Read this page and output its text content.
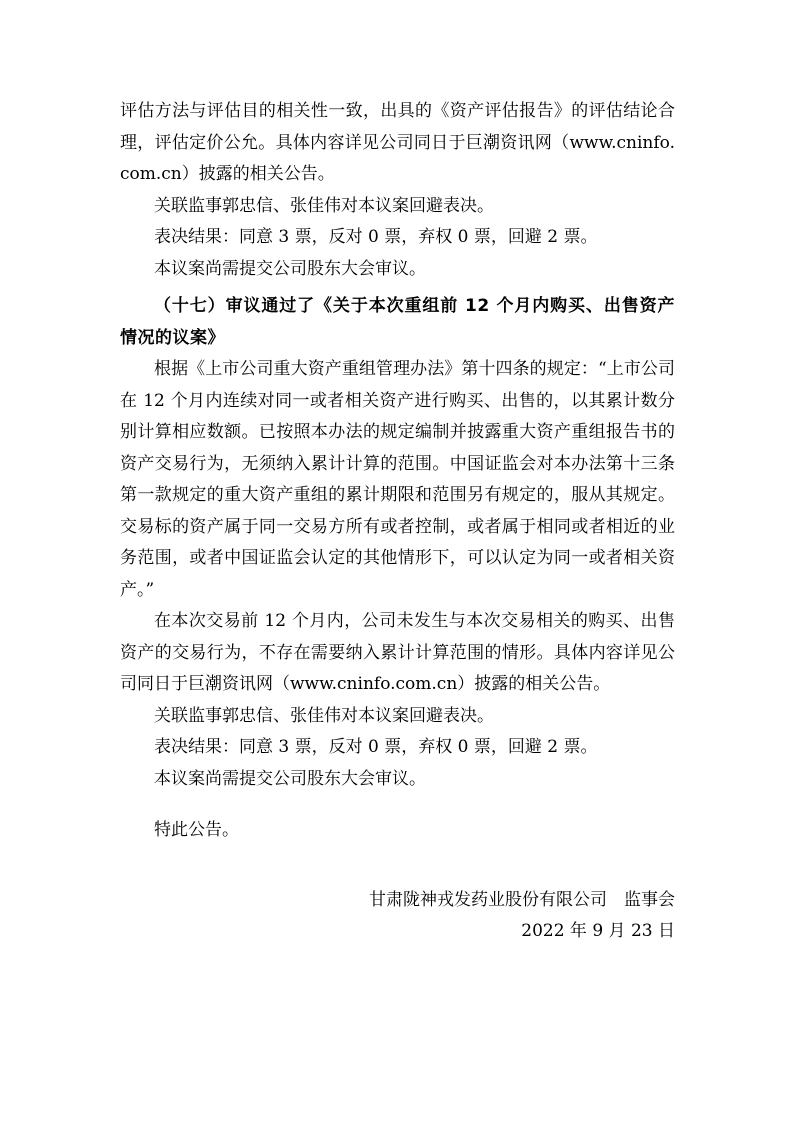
评估方法与评估目的相关性一致，出具的《资产评估报告》的评估结论合理，评估定价公允。具体内容详见公司同日于巨潮资讯网（www.cninfo.com.cn）披露的相关公告。

关联监事郭忠信、张佳伟对本议案回避表决。

表决结果：同意 3 票，反对 0 票，弃权 0 票，回避 2 票。

本议案尚需提交公司股东大会审议。

（十七）审议通过了《关于本次重组前 12 个月内购买、出售资产情况的议案》

根据《上市公司重大资产重组管理办法》第十四条的规定：“上市公司在 12 个月内连续对同一或者相关资产进行购买、出售的，以其累计数分别计算相应数额。已按照本办法的规定编制并披露重大资产重组报告书的资产交易行为，无须纳入累计计算的范围。中国证监会对本办法第十三条第一款规定的重大资产重组的累计期限和范围另有规定的，服从其规定。交易标的资产属于同一交易方所有或者控制，或者属于相同或者相近的业务范围，或者中国证监会认定的其他情形下，可以认定为同一或者相关资产。”

在本次交易前 12 个月内，公司未发生与本次交易相关的购买、出售资产的交易行为，不存在需要纳入累计计算范围的情形。具体内容详见公司同日于巨潮资讯网（www.cninfo.com.cn）披露的相关公告。

关联监事郭忠信、张佳伟对本议案回避表决。

表决结果：同意 3 票，反对 0 票，弃权 0 票，回避 2 票。

本议案尚需提交公司股东大会审议。

特此公告。

甘肃陇神戎发药业股份有限公司　监事会

2022 年 9 月 23 日
